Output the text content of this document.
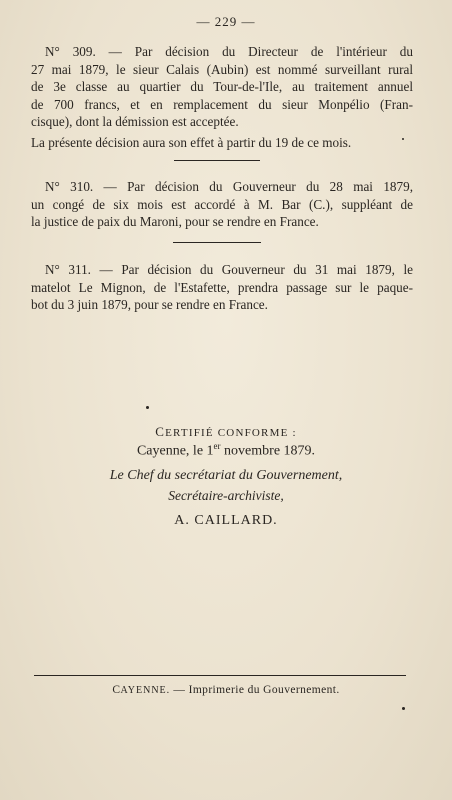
— 229 —
N° 309. — Par décision du Directeur de l'intérieur du
27 mai 1879, le sieur Calais (Aubin) est nommé surveillant rural
de 3e classe au quartier du Tour-de-l'Ile, au traitement annuel
de 700 francs, et en remplacement du sieur Monpélio (Fran-
cisque), dont la démission est acceptée.
La présente décision aura son effet à partir du 19 de ce mois.
N° 310. — Par décision du Gouverneur du 28 mai 1879,
un congé de six mois est accordé à M. Bar (C.), suppléant de
la justice de paix du Maroni, pour se rendre en France.
N° 311. — Par décision du Gouverneur du 31 mai 1879, le
matelot Le Mignon, de l'Estafette, prendra passage sur le paque-
bot du 3 juin 1879, pour se rendre en France.
CERTIFIÉ CONFORME :
Cayenne, le 1er novembre 1879.
Le Chef du secrétariat du Gouvernement,
Secrétaire-archiviste,
A. CAILLARD.
CAYENNE. — Imprimerie du Gouvernement.
